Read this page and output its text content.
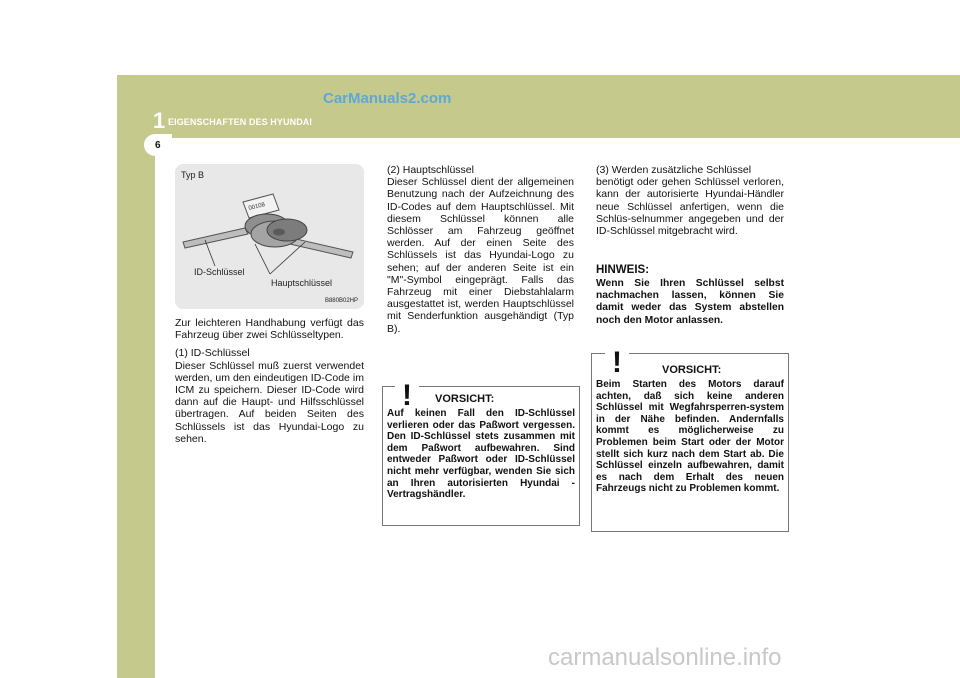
1 EIGENSCHAFTEN DES HYUNDAI
CarManuals2.com
6
00108
Typ B
ID-Schlüssel
Hauptschlüssel
B880B02HP

Zur leichteren Handhabung verfügt das Fahrzeug über zwei Schlüsseltypen.

(1) ID-Schlüssel

Dieser Schlüssel muß zuerst verwendet werden, um den eindeutigen ID-Code im ICM zu speichern. Dieser ID-Code wird dann auf die Haupt- und Hilfsschlüssel übertragen. Auf beiden Seiten des Schlüssels ist das Hyundai-Logo zu sehen.

(2) Hauptschlüssel

Dieser Schlüssel dient der allgemeinen Benutzung nach der Aufzeichnung des ID-Codes auf dem Hauptschlüssel. Mit diesem Schlüssel können alle Schlösser am Fahrzeug geöffnet werden. Auf der einen Seite des Schlüssels ist das Hyundai-Logo zu sehen; auf der anderen Seite ist ein "M"-Symbol eingeprägt. Falls das Fahrzeug mit einer Diebstahlalarm ausgestattet ist, werden Hauptschlüssel mit Senderfunktion ausgehändigt (Typ B).

! VORSICHT:
Auf keinen Fall den ID-Schlüssel verlieren oder das Paßwort vergessen. Den ID-Schlüssel stets zusammen mit dem Paßwort aufbewahren. Sind entweder Paßwort oder ID-Schlüssel nicht mehr verfügbar, wenden Sie sich an Ihren autorisierten Hyundai - Vertragshändler.

(3) Werden zusätzliche Schlüssel

benötigt oder gehen Schlüssel verloren, kann der autorisierte Hyundai-Händler neue Schlüssel anfertigen, wenn die Schlüs-selnummer angegeben und der ID-Schlüssel mitgebracht wird.

HINWEIS:
Wenn Sie Ihren Schlüssel selbst nachmachen lassen, können Sie damit weder das System abstellen noch den Motor anlassen.
!	VORSICHT:
Beim Starten des Motors darauf achten, daß sich keine anderen Schlüssel mit Wegfahrsperren-system in der Nähe befinden. Andernfalls kommt es möglicherweise zu Problemen beim Start oder der Motor stellt sich kurz nach dem Start ab. Die Schlüssel einzeln aufbewahren, damit es nach dem Erhalt des neuen Fahrzeugs nicht zu Problemen kommt.
carmanualsonline.info
